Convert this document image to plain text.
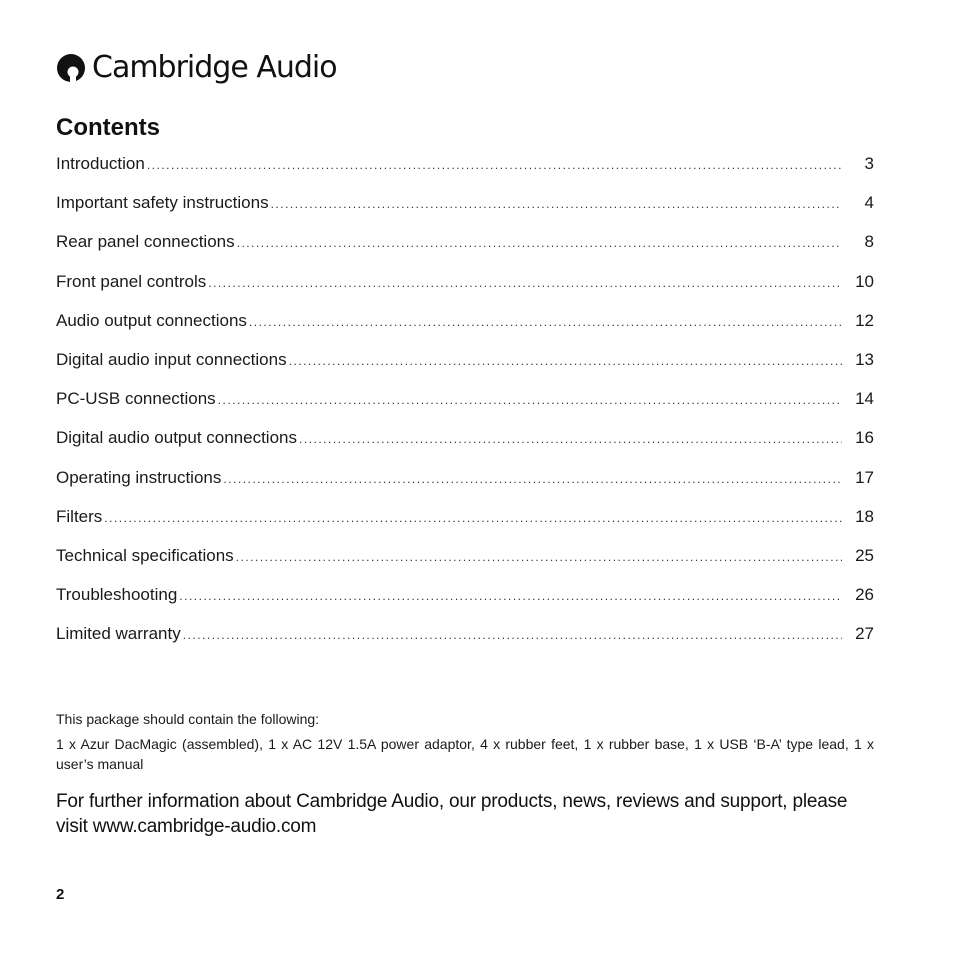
Cambridge Audio
Contents
Introduction .....	3
Important safety instructions .....	4
Rear panel connections .....	8
Front panel controls .....	10
Audio output connections .....	12
Digital audio input connections .....	13
PC-USB connections .....	14
Digital audio output connections .....	16
Operating instructions .....	17
Filters .....	18
Technical specifications .....	25
Troubleshooting .....	26
Limited warranty .....	27
This package should contain the following:
1 x Azur DacMagic (assembled), 1 x AC 12V 1.5A power adaptor, 4 x rubber feet, 1 x rubber base, 1 x USB ‘B-A’ type lead, 1 x user’s manual
For further information about Cambridge Audio, our products, news, reviews and support, please visit www.cambridge-audio.com
2
